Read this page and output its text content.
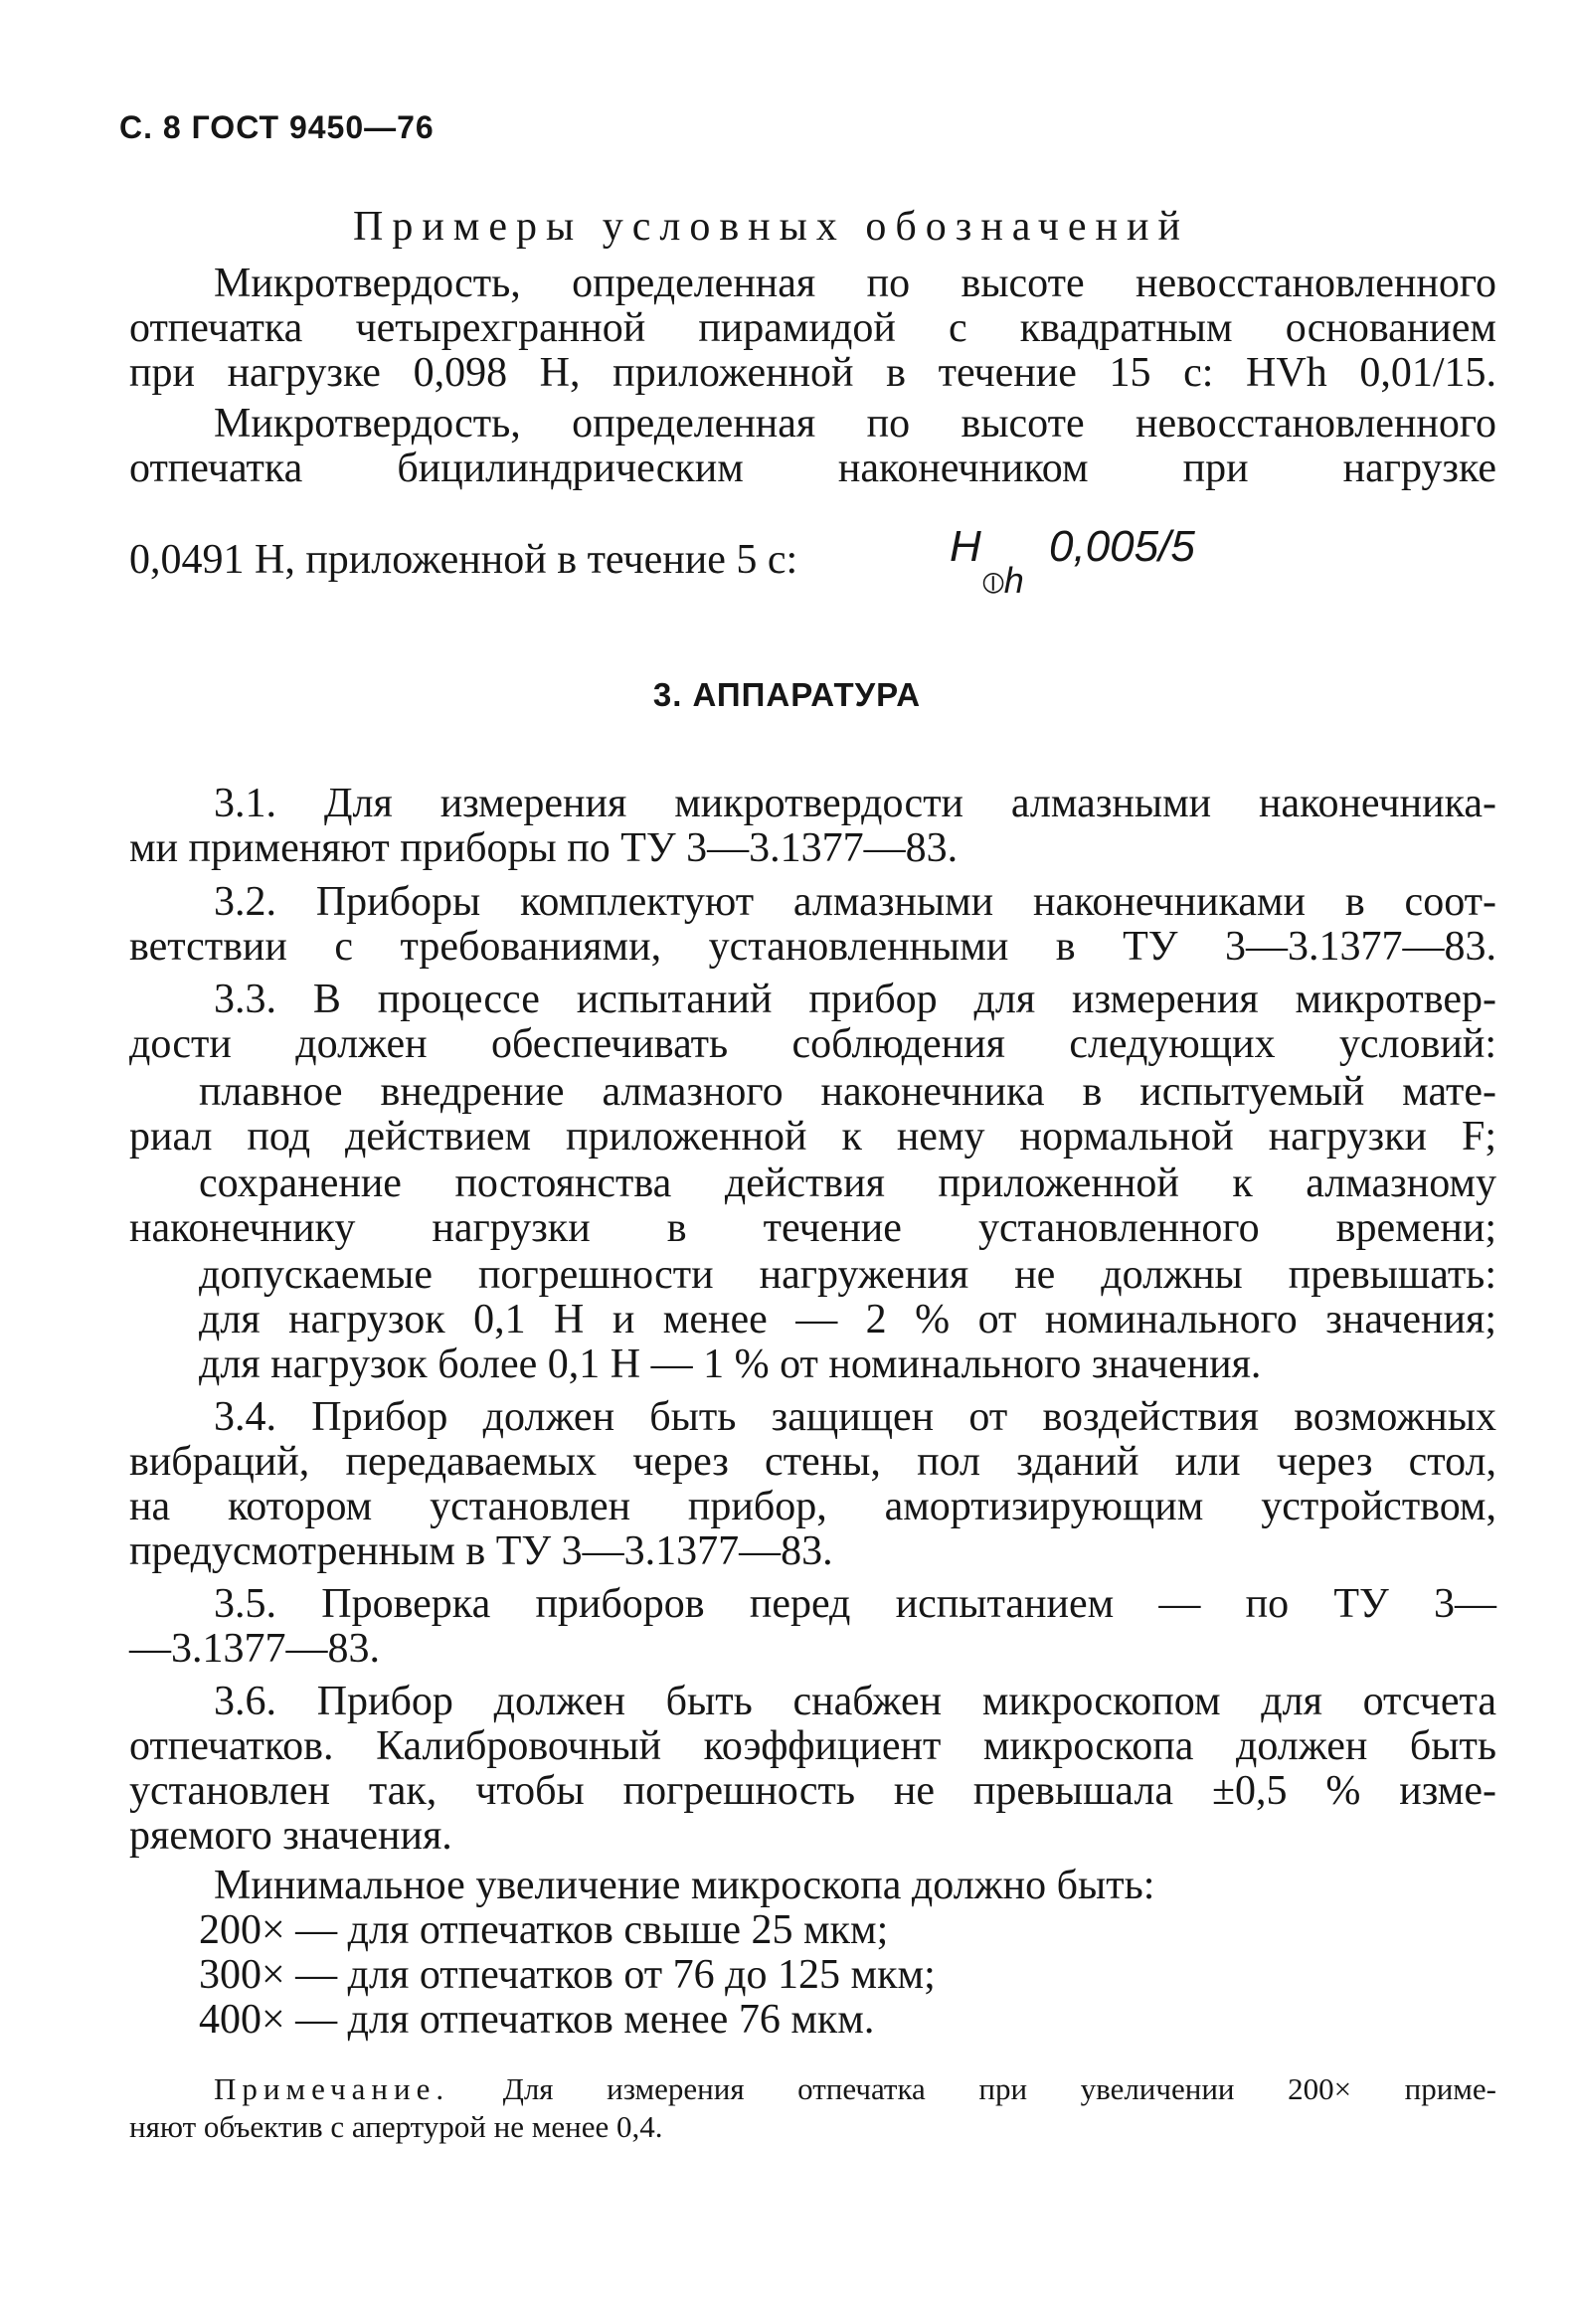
С. 8 ГОСТ 9450—76
Примеры условных обозначений
Микротвердость, определенная по высоте невосстановленного
отпечатка четырехгранной пирамидой с квадратным основанием
при нагрузке 0,098 Н, приложенной в течение 15 с: HVh 0,01/15.
Микротвердость, определенная по высоте невосстановленного
отпечатка бицилиндрическим наконечником при нагрузке
0,0491 Н, приложенной в течение 5 с:	H
⦶h
0,005/5
3. АППАРАТУРА
3.1. Для измерения микротвердости алмазными наконечника-
ми применяют приборы по ТУ 3—3.1377—83.
3.2. Приборы комплектуют алмазными наконечниками в соот-
ветствии с требованиями, установленными в ТУ 3—3.1377—83.
3.3. В процессе испытаний прибор для измерения микротвер-
дости должен обеспечивать соблюдения следующих условий:
плавное внедрение алмазного наконечника в испытуемый мате-
риал под действием приложенной к нему нормальной нагрузки F;
сохранение постоянства действия приложенной к алмазному
наконечнику нагрузки в течение установленного времени;
допускаемые погрешности нагружения не должны превышать:
для нагрузок 0,1 Н и менее — 2 % от номинального значения;
для нагрузок более 0,1 Н — 1 % от номинального значения.
3.4. Прибор должен быть защищен от воздействия возможных
вибраций, передаваемых через стены, пол зданий или через стол,
на котором установлен прибор, амортизирующим устройством,
предусмотренным в ТУ 3—3.1377—83.
3.5. Проверка приборов перед испытанием — по ТУ 3—
—3.1377—83.
3.6. Прибор должен быть снабжен микроскопом для отсчета
отпечатков. Калибровочный коэффициент микроскопа должен быть
установлен так, чтобы погрешность не превышала ±0,5 % изме-
ряемого значения.
Минимальное увеличение микроскопа должно быть:
200× — для отпечатков свыше 25 мкм;
300× — для отпечатков от 76 до 125 мкм;
400× — для отпечатков менее 76 мкм.
Примечание. Для измерения отпечатка при увеличении 200× приме-
няют объектив с апертурой не менее 0,4.
